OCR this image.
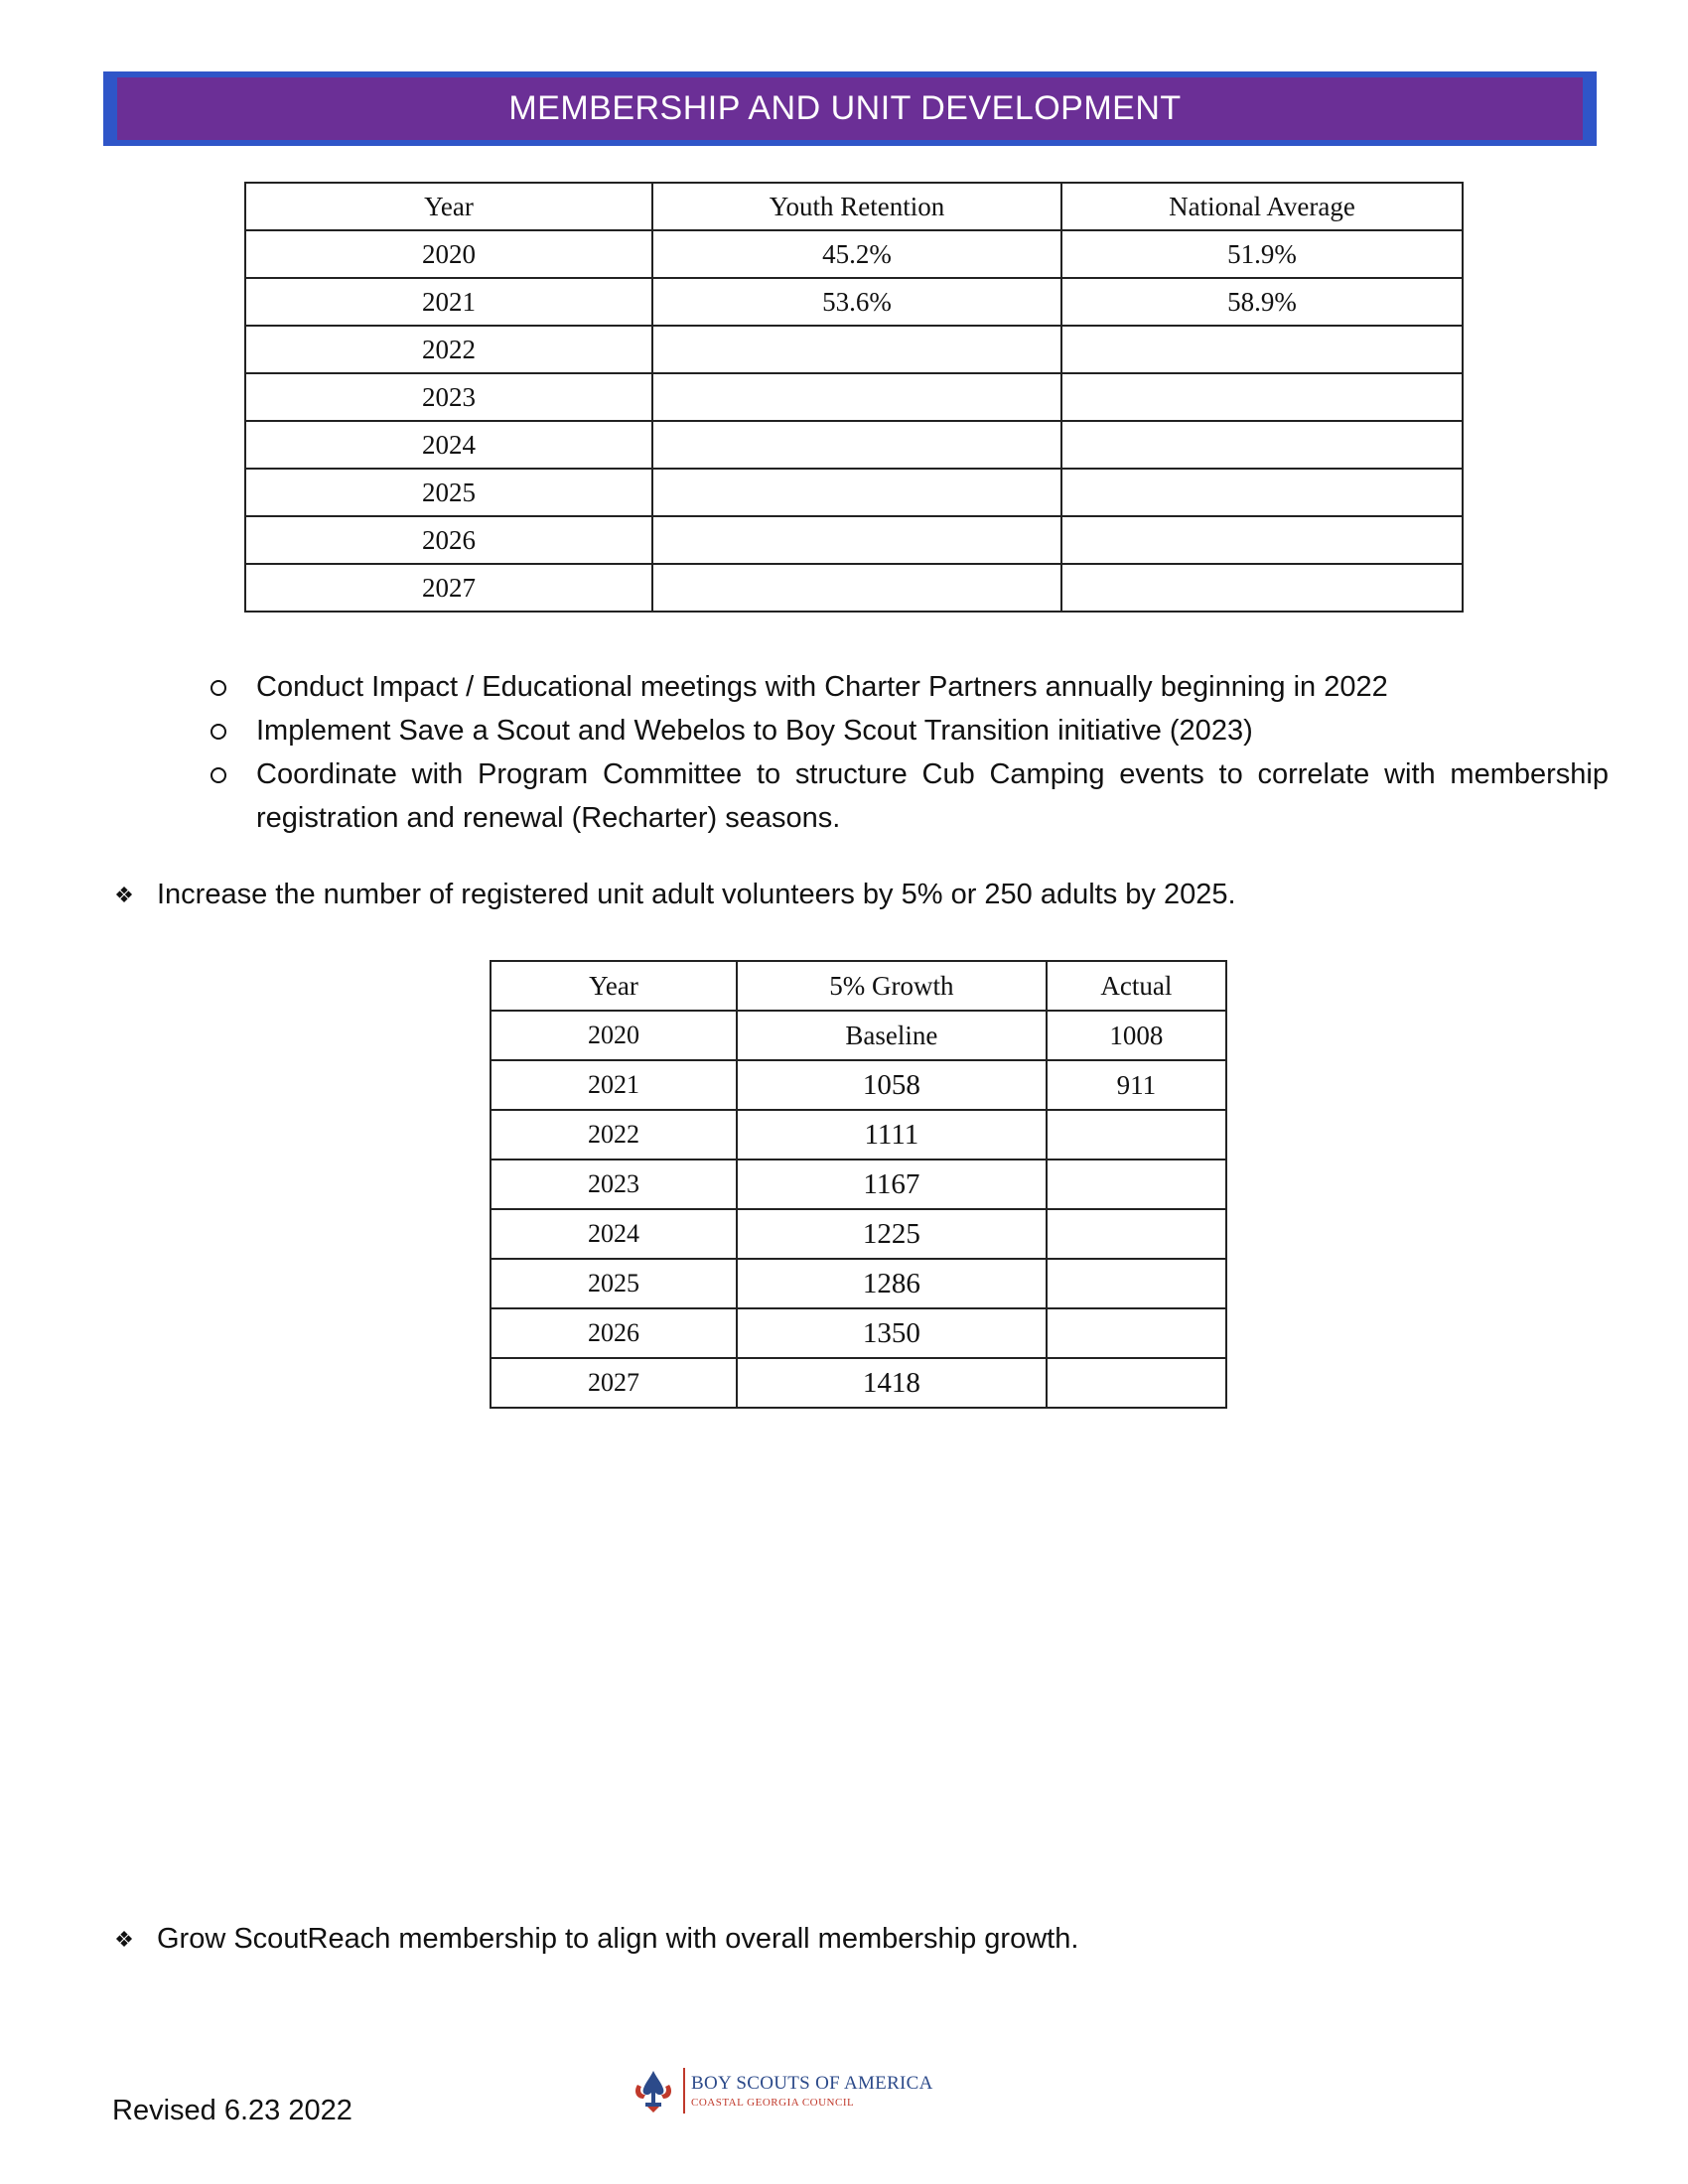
MEMBERSHIP AND UNIT DEVELOPMENT
Year	Youth Retention	National Average
2020	45.2%	51.9%
2021	53.6%	58.9%
2022		
2023		
2024		
2025		
2026		
2027		
Conduct Impact / Educational meetings with Charter Partners annually beginning in 2022
Implement Save a Scout and Webelos to Boy Scout Transition initiative (2023)
Coordinate with Program Committee to structure Cub Camping events to correlate with membership registration and renewal (Recharter) seasons.
❖ Increase the number of registered unit adult volunteers by 5% or 250 adults by 2025.
Year	5% Growth	Actual
2020	Baseline	1008
2021	1058	911
2022	1111	
2023	1167	
2024	1225	
2025	1286	
2026	1350	
2027	1418	
❖ Grow ScoutReach membership to align with overall membership growth.
Revised 6.23 2022
BOY SCOUTS OF AMERICA
COASTAL GEORGIA COUNCIL
